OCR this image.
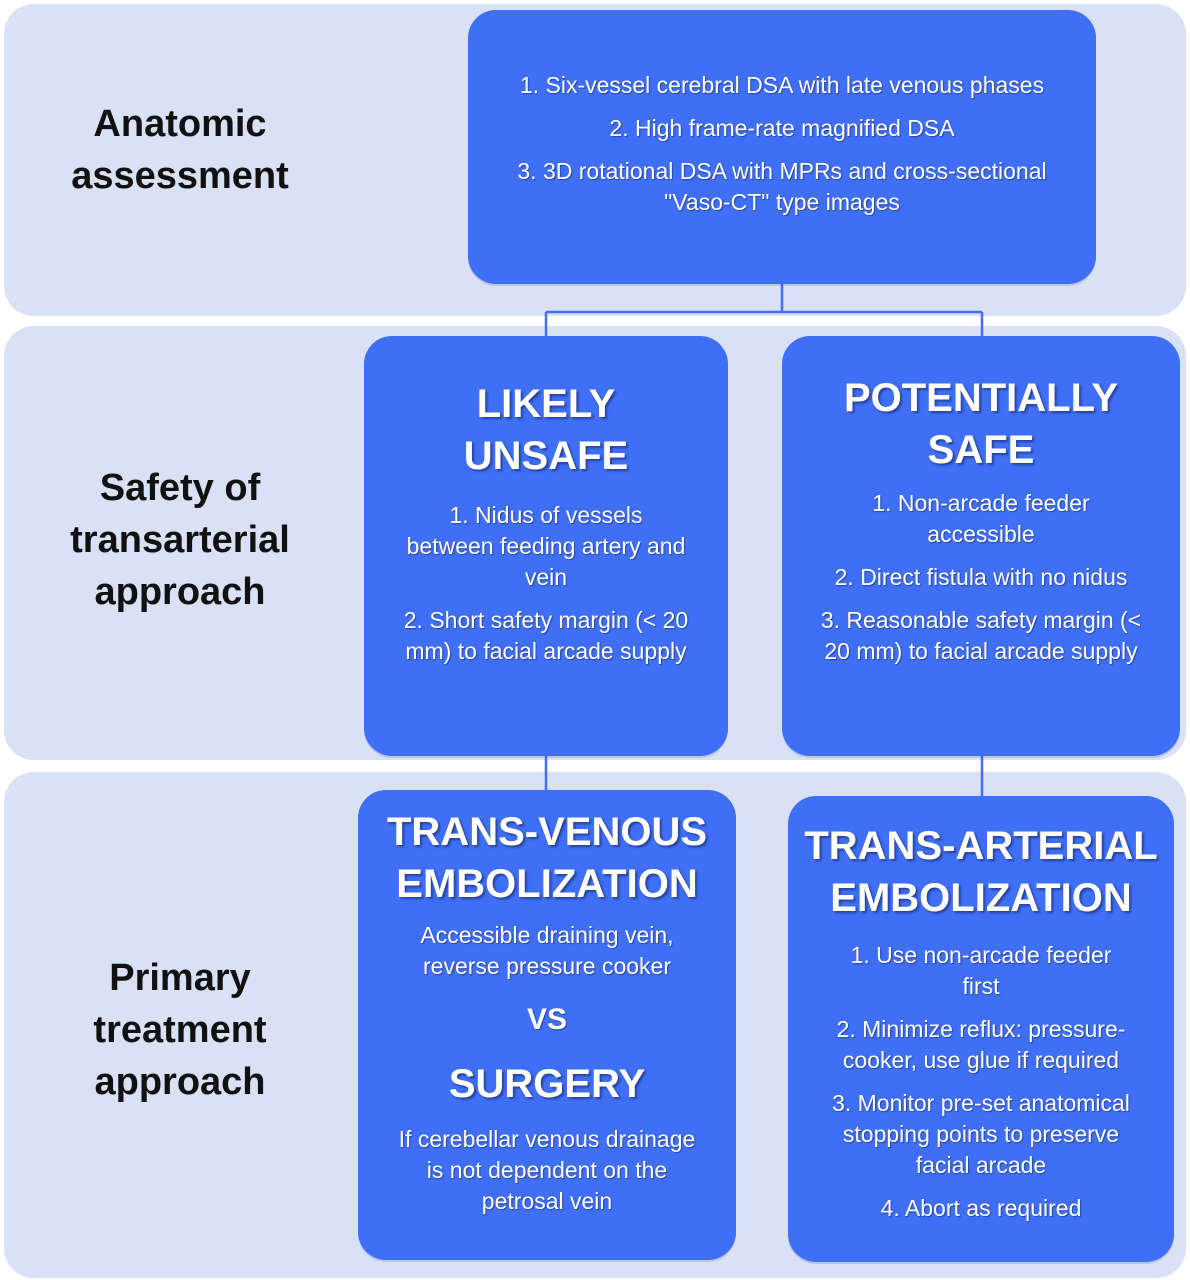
Anatomic
assessment
Safety of
transarterial
approach
Primary
treatment
approach
1. Six-vessel cerebral DSA with late venous phases
2. High frame-rate magnified DSA
3. 3D rotational DSA with MPRs and cross-sectional "Vaso-CT" type images
LIKELY
UNSAFE
1. Nidus of vessels between feeding artery and vein
2. Short safety margin (< 20 mm) to facial arcade supply
POTENTIALLY
SAFE
1. Non-arcade feeder accessible
2. Direct fistula with no nidus
3. Reasonable safety margin (< 20 mm) to facial arcade supply
TRANS-VENOUS
EMBOLIZATION

Accessible draining vein, reverse pressure cooker

VS

SURGERY

If cerebellar venous drainage is not dependent on the petrosal vein

TRANS-ARTERIAL
EMBOLIZATION
1. Use non-arcade feeder first
2. Minimize reflux: pressure-cooker, use glue if required
3. Monitor pre-set anatomical stopping points to preserve facial arcade
4. Abort as required
